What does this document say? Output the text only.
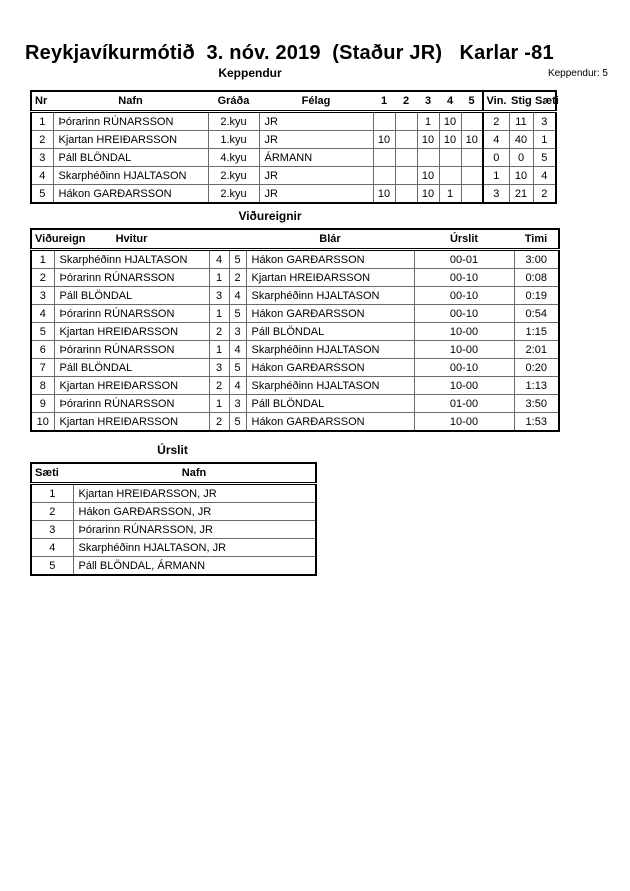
Reykjavíkurmótið  3. nóv. 2019  (Staður JR)   Karlar -81
Keppendur	Keppendur: 5
Nr	Nafn	Gráða	Félag	1	2	3	4	5	Vin.	Stig	Sæti
1	Þórarinn RÚNARSSON	2.kyu	JR			1	10		2	11	3
2	Kjartan HREIÐARSSON	1.kyu	JR	10		10	10	10	4	40	1
3	Páll BLÖNDAL	4.kyu	ÁRMANN						0	0	5
4	Skarphéðinn HJALTASON	2.kyu	JR			10			1	10	4
5	Hákon GARÐARSSON	2.kyu	JR	10		10	1		3	21	2
Viðureignir
Viðureign	Hvitur			Blár	Úrslit	Timi
1	Skarphéðinn HJALTASON	4	5	Hákon GARÐARSSON	00-01	3:00
2	Þórarinn RÚNARSSON	1	2	Kjartan HREIÐARSSON	00-10	0:08
3	Páll BLÖNDAL	3	4	Skarphéðinn HJALTASON	00-10	0:19
4	Þórarinn RÚNARSSON	1	5	Hákon GARÐARSSON	00-10	0:54
5	Kjartan HREIÐARSSON	2	3	Páll BLÖNDAL	10-00	1:15
6	Þórarinn RÚNARSSON	1	4	Skarphéðinn HJALTASON	10-00	2:01
7	Páll BLÖNDAL	3	5	Hákon GARÐARSSON	00-10	0:20
8	Kjartan HREIÐARSSON	2	4	Skarphéðinn HJALTASON	10-00	1:13
9	Þórarinn RÚNARSSON	1	3	Páll BLÖNDAL	01-00	3:50
10	Kjartan HREIÐARSSON	2	5	Hákon GARÐARSSON	10-00	1:53
Úrslit
Sæti	Nafn
1	Kjartan HREIÐARSSON, JR
2	Hákon GARÐARSSON, JR
3	Þórarinn RÚNARSSON, JR
4	Skarphéðinn HJALTASON, JR
5	Páll BLÖNDAL, ÁRMANN
